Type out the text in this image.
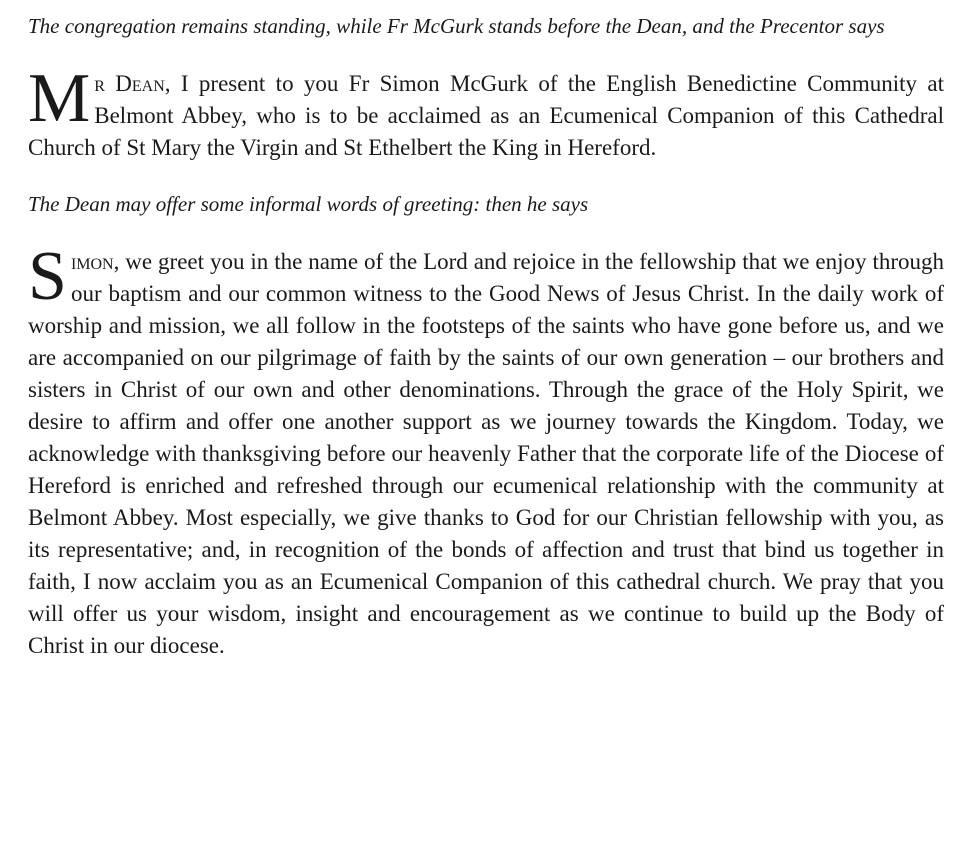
The congregation remains standing, while Fr McGurk stands before the Dean, and the Precentor says

Mr Dean, I present to you Fr Simon McGurk of the English Benedictine Community at Belmont Abbey, who is to be acclaimed as an Ecumenical Companion of this Cathedral Church of St Mary the Virgin and St Ethelbert the King in Hereford.

The Dean may offer some informal words of greeting: then he says

Simon, we greet you in the name of the Lord and rejoice in the fellowship that we enjoy through our baptism and our common witness to the Good News of Jesus Christ. In the daily work of worship and mission, we all follow in the footsteps of the saints who have gone before us, and we are accompanied on our pilgrimage of faith by the saints of our own generation – our brothers and sisters in Christ of our own and other denominations. Through the grace of the Holy Spirit, we desire to affirm and offer one another support as we journey towards the Kingdom. Today, we acknowledge with thanksgiving before our heavenly Father that the corporate life of the Diocese of Hereford is enriched and refreshed through our ecumenical relationship with the community at Belmont Abbey. Most especially, we give thanks to God for our Christian fellowship with you, as its representative; and, in recognition of the bonds of affection and trust that bind us together in faith, I now acclaim you as an Ecumenical Companion of this cathedral church. We pray that you will offer us your wisdom, insight and encouragement as we continue to build up the Body of Christ in our diocese.
